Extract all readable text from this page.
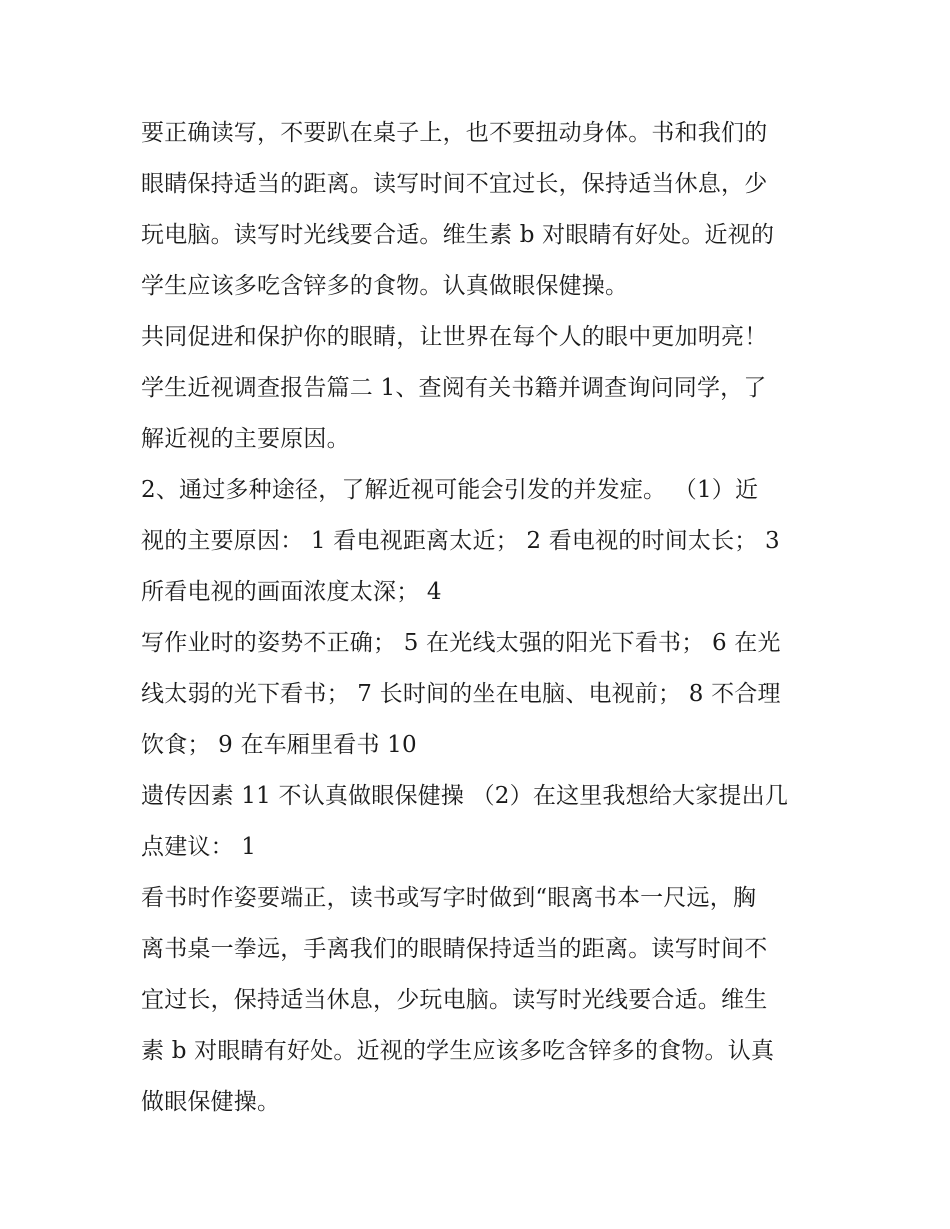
要正确读写，不要趴在桌子上，也不要扭动身体。书和我们的
眼睛保持适当的距离。读写时间不宜过长，保持适当休息，少
玩电脑。读写时光线要合适。维生素 b 对眼睛有好处。近视的
学生应该多吃含锌多的食物。认真做眼保健操。
共同促进和保护你的眼睛，让世界在每个人的眼中更加明亮！
学生近视调查报告篇二 1、查阅有关书籍并调查询问同学，了
解近视的主要原因。
2、通过多种途径，了解近视可能会引发的并发症。 （1）近
视的主要原因： 1 看电视距离太近； 2 看电视的时间太长； 3
所看电视的画面浓度太深； 4
写作业时的姿势不正确； 5 在光线太强的阳光下看书； 6 在光
线太弱的光下看书； 7 长时间的坐在电脑、电视前； 8 不合理
饮食； 9 在车厢里看书 10
遗传因素 11 不认真做眼保健操 （2）在这里我想给大家提出几
点建议： 1
看书时作姿要端正，读书或写字时做到“眼离书本一尺远，胸
离书桌一拳远，手离我们的眼睛保持适当的距离。读写时间不
宜过长，保持适当休息，少玩电脑。读写时光线要合适。维生
素 b 对眼睛有好处。近视的学生应该多吃含锌多的食物。认真
做眼保健操。
